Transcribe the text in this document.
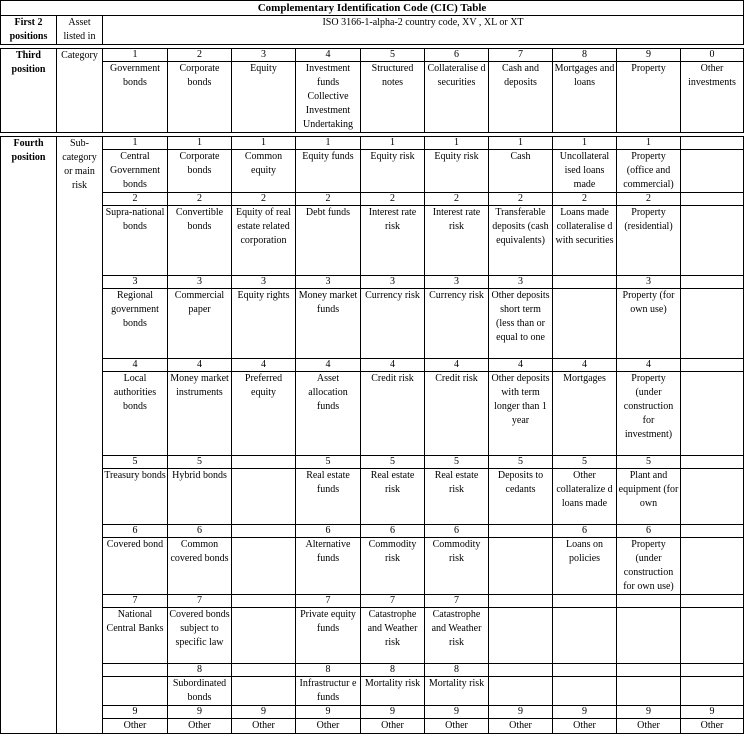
Complementary Identification Code (CIC) Table											
First 2 positions	Asset listed in	ISO 3166-1-alpha-2 country code, XV , XL or XT									

Third position	Category	1	2	3	4	5	6	7	8	9	0
		Government bonds	Corporate bonds	Equity	Investment funds Collective Investment Undertaking	Structured notes	Collateralise d securities	Cash and deposits	Mortgages and loans	Property	Other investments

Fourth position	Sub-category or main risk	1	1	1	1	1	1	1	1	1	
		Central Government bonds	Corporate bonds	Common equity	Equity funds	Equity risk	Equity risk	Cash	Uncollateral ised loans made	Property (office and commercial)	
		2	2	2	2	2	2	2	2	2	
		Supra-national bonds	Convertible bonds	Equity of real estate related corporation	Debt funds	Interest rate risk	Interest rate risk	Transferable deposits (cash equivalents)	Loans made collateralise d with securities	Property (residential)	
		3	3	3	3	3	3	3		3	
		Regional government bonds	Commercial paper	Equity rights	Money market funds	Currency risk	Currency risk	Other deposits short term (less than or equal to one		Property (for own use)	
		4	4	4	4	4	4	4	4	4	
		Local authorities bonds	Money market instruments	Preferred equity	Asset allocation funds	Credit risk	Credit risk	Other deposits with term longer than 1 year	Mortgages	Property (under construction for investment)	
		5	5		5	5	5	5	5	5	
		Treasury bonds	Hybrid bonds		Real estate funds	Real estate risk	Real estate risk	Deposits to cedants	Other collateralize d loans made	Plant and equipment (for own	
		6	6		6	6	6		6	6	
		Covered bond	Common covered bonds		Alternative funds	Commodity risk	Commodity risk		Loans on policies	Property (under construction for own use)	
		7	7		7	7	7				
		National Central Banks	Covered bonds subject to specific law		Private equity funds	Catastrophe and Weather risk	Catastrophe and Weather risk				
			8		8	8	8				
			Subordinated bonds		Infrastructur e funds	Mortality risk	Mortality risk				
		9	9	9	9	9	9	9	9	9	9
		Other	Other	Other	Other	Other	Other	Other	Other	Other	Other
